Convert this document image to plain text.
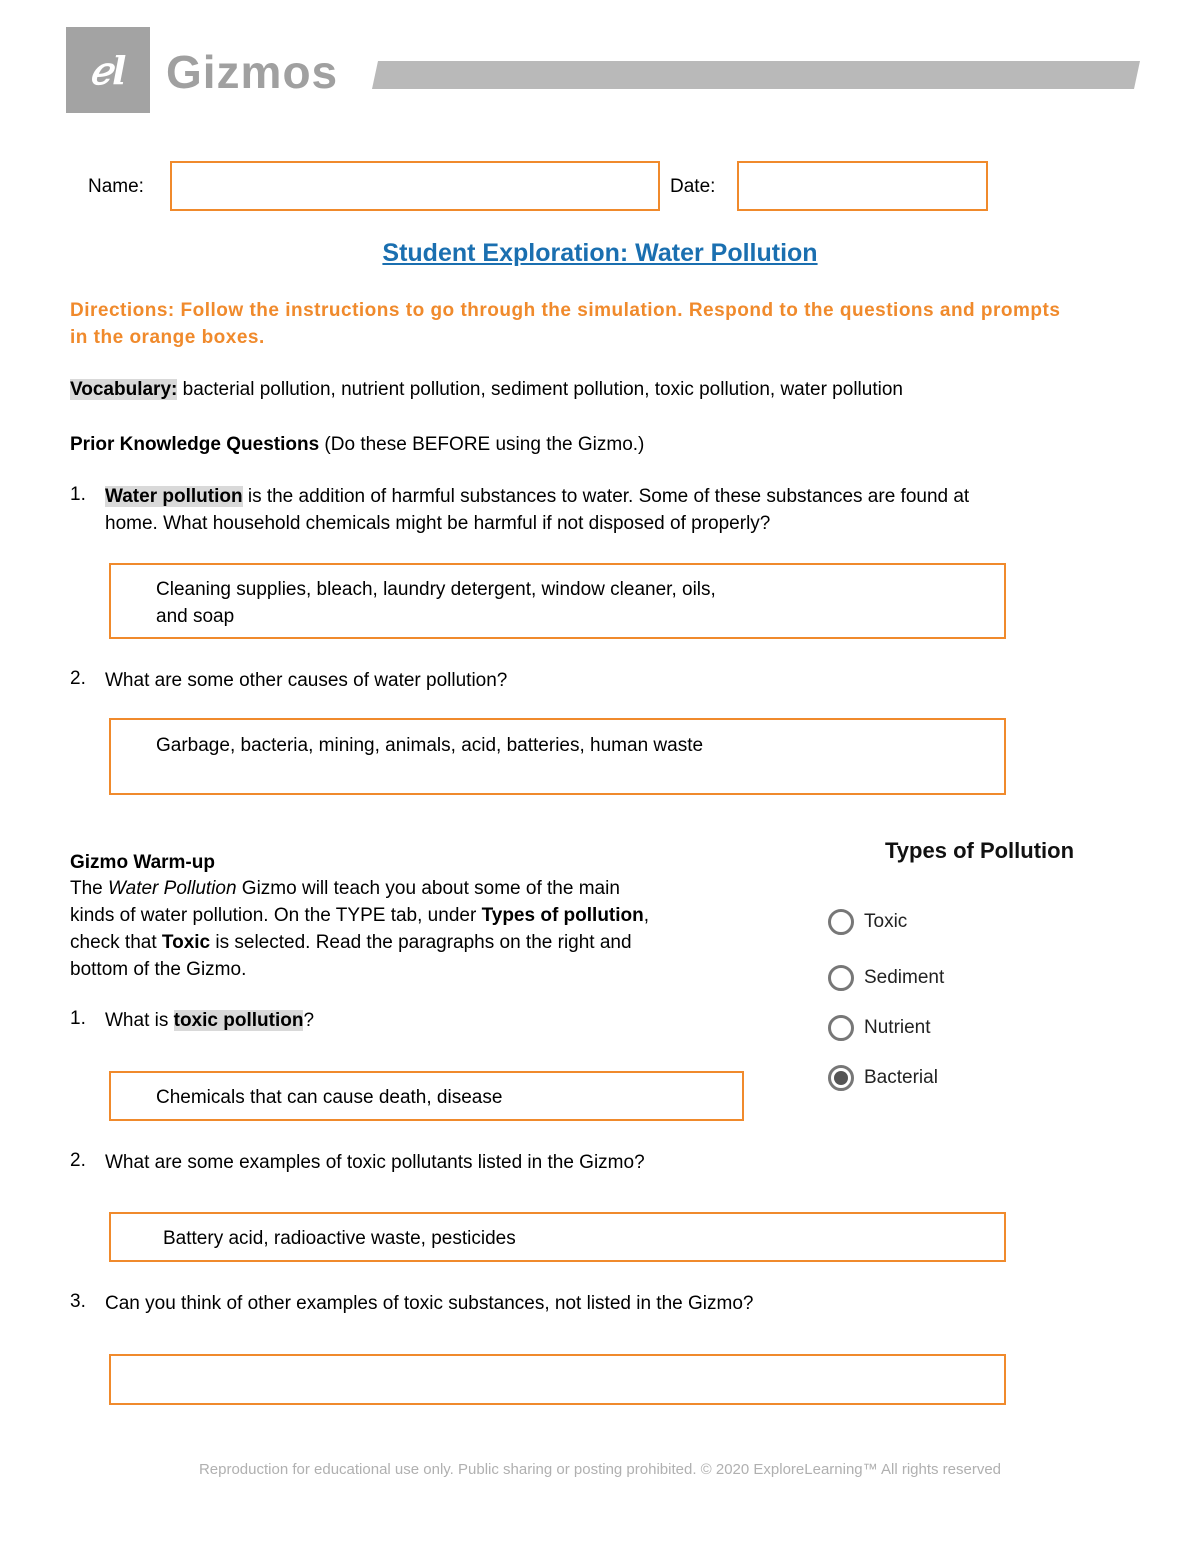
ℯl Gizmos
Name:	Date:
Student Exploration: Water Pollution
Directions: Follow the instructions to go through the simulation. Respond to the questions and prompts in the orange boxes.
Vocabulary: bacterial pollution, nutrient pollution, sediment pollution, toxic pollution, water pollution
Prior Knowledge Questions (Do these BEFORE using the Gizmo.)
1. Water pollution is the addition of harmful substances to water. Some of these substances are found at
home. What household chemicals might be harmful if not disposed of properly?
Cleaning supplies, bleach, laundry detergent, window cleaner, oils,
and soap
2. What are some other causes of water pollution?
Garbage, bacteria, mining, animals, acid, batteries, human waste
Gizmo Warm-up
The Water Pollution Gizmo will teach you about some of the main
kinds of water pollution. On the TYPE tab, under Types of pollution,
check that Toxic is selected. Read the paragraphs on the right and
bottom of the Gizmo.
1. What is toxic pollution?
Chemicals that can cause death, disease
2. What are some examples of toxic pollutants listed in the Gizmo?
Battery acid, radioactive waste, pesticides
3. Can you think of other examples of toxic substances, not listed in the Gizmo?
Types of Pollution
Toxic
Sediment
Nutrient
Bacterial
Reproduction for educational use only. Public sharing or posting prohibited. © 2020 ExploreLearning™ All rights reserved
